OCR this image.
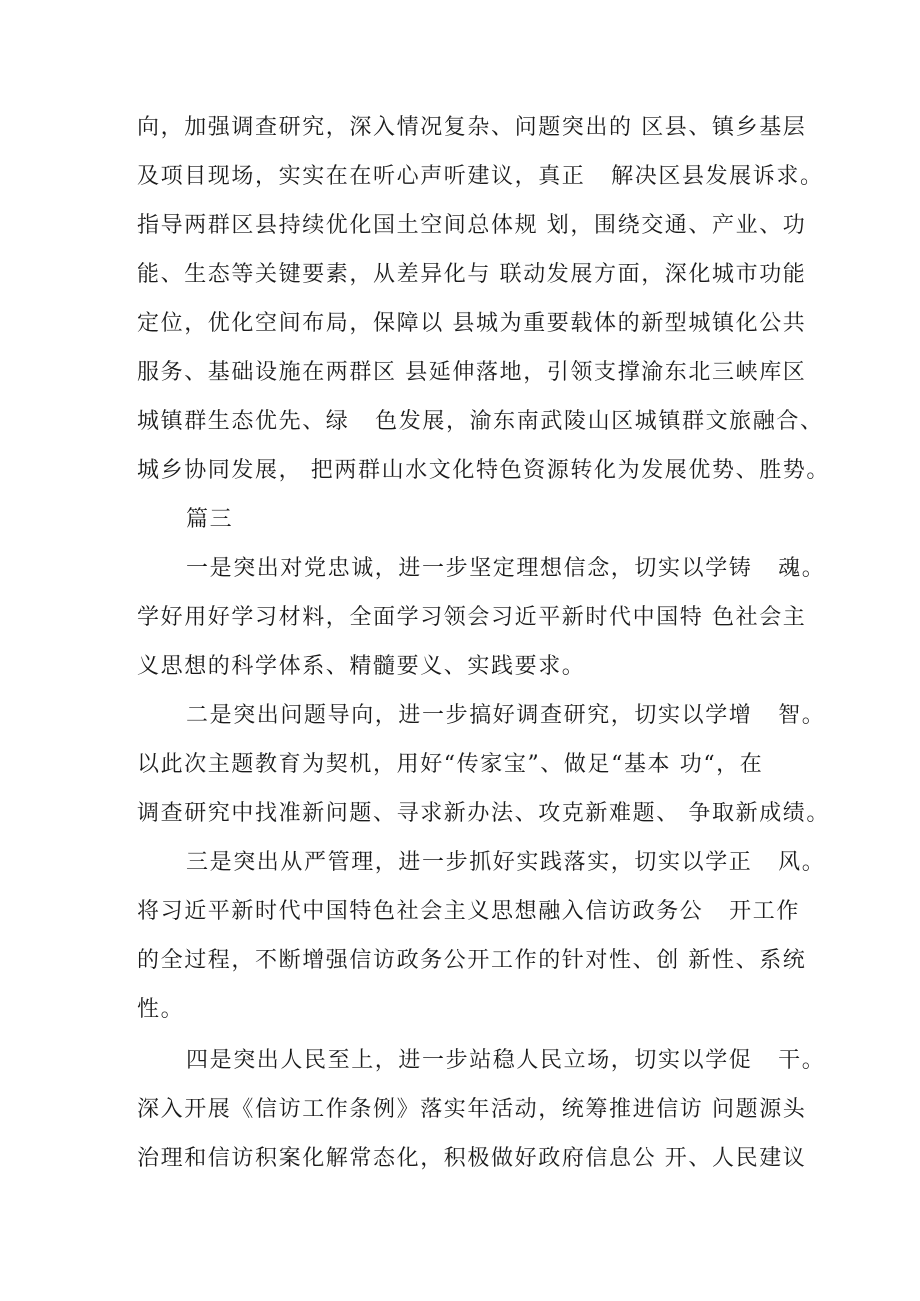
向，加强调查研究，深入情况复杂、问题突出的 区县、镇乡基层
及项目现场，实实在在听心声听建议，真正   解决区县发展诉求。
指导两群区县持续优化国土空间总体规 划，围绕交通、产业、功
能、生态等关键要素，从差异化与 联动发展方面，深化城市功能
定位，优化空间布局，保障以 县城为重要载体的新型城镇化公共
服务、基础设施在两群区 县延伸落地，引领支撑渝东北三峡库区
城镇群生态优先、绿   色发展，渝东南武陵山区城镇群文旅融合、
城乡协同发展， 把两群山水文化特色资源转化为发展优势、胜势。
篇三
一是突出对党忠诚，进一步坚定理想信念，切实以学铸   魂。
学好用好学习材料，全面学习领会习近平新时代中国特 色社会主
义思想的科学体系、精髓要义、实践要求。
二是突出问题导向，进一步搞好调查研究，切实以学增   智。
以此次主题教育为契机，用好“传家宝”、做足“基本 功“，在
调查研究中找准新问题、寻求新办法、攻克新难题、 争取新成绩。
三是突出从严管理，进一步抓好实践落实，切实以学正   风。
将习近平新时代中国特色社会主义思想融入信访政务公   开工作
的全过程，不断增强信访政务公开工作的针对性、创 新性、系统
性。
四是突出人民至上，进一步站稳人民立场，切实以学促   干。
深入开展《信访工作条例》落实年活动，统筹推进信访 问题源头
治理和信访积案化解常态化，积极做好政府信息公 开、人民建议
